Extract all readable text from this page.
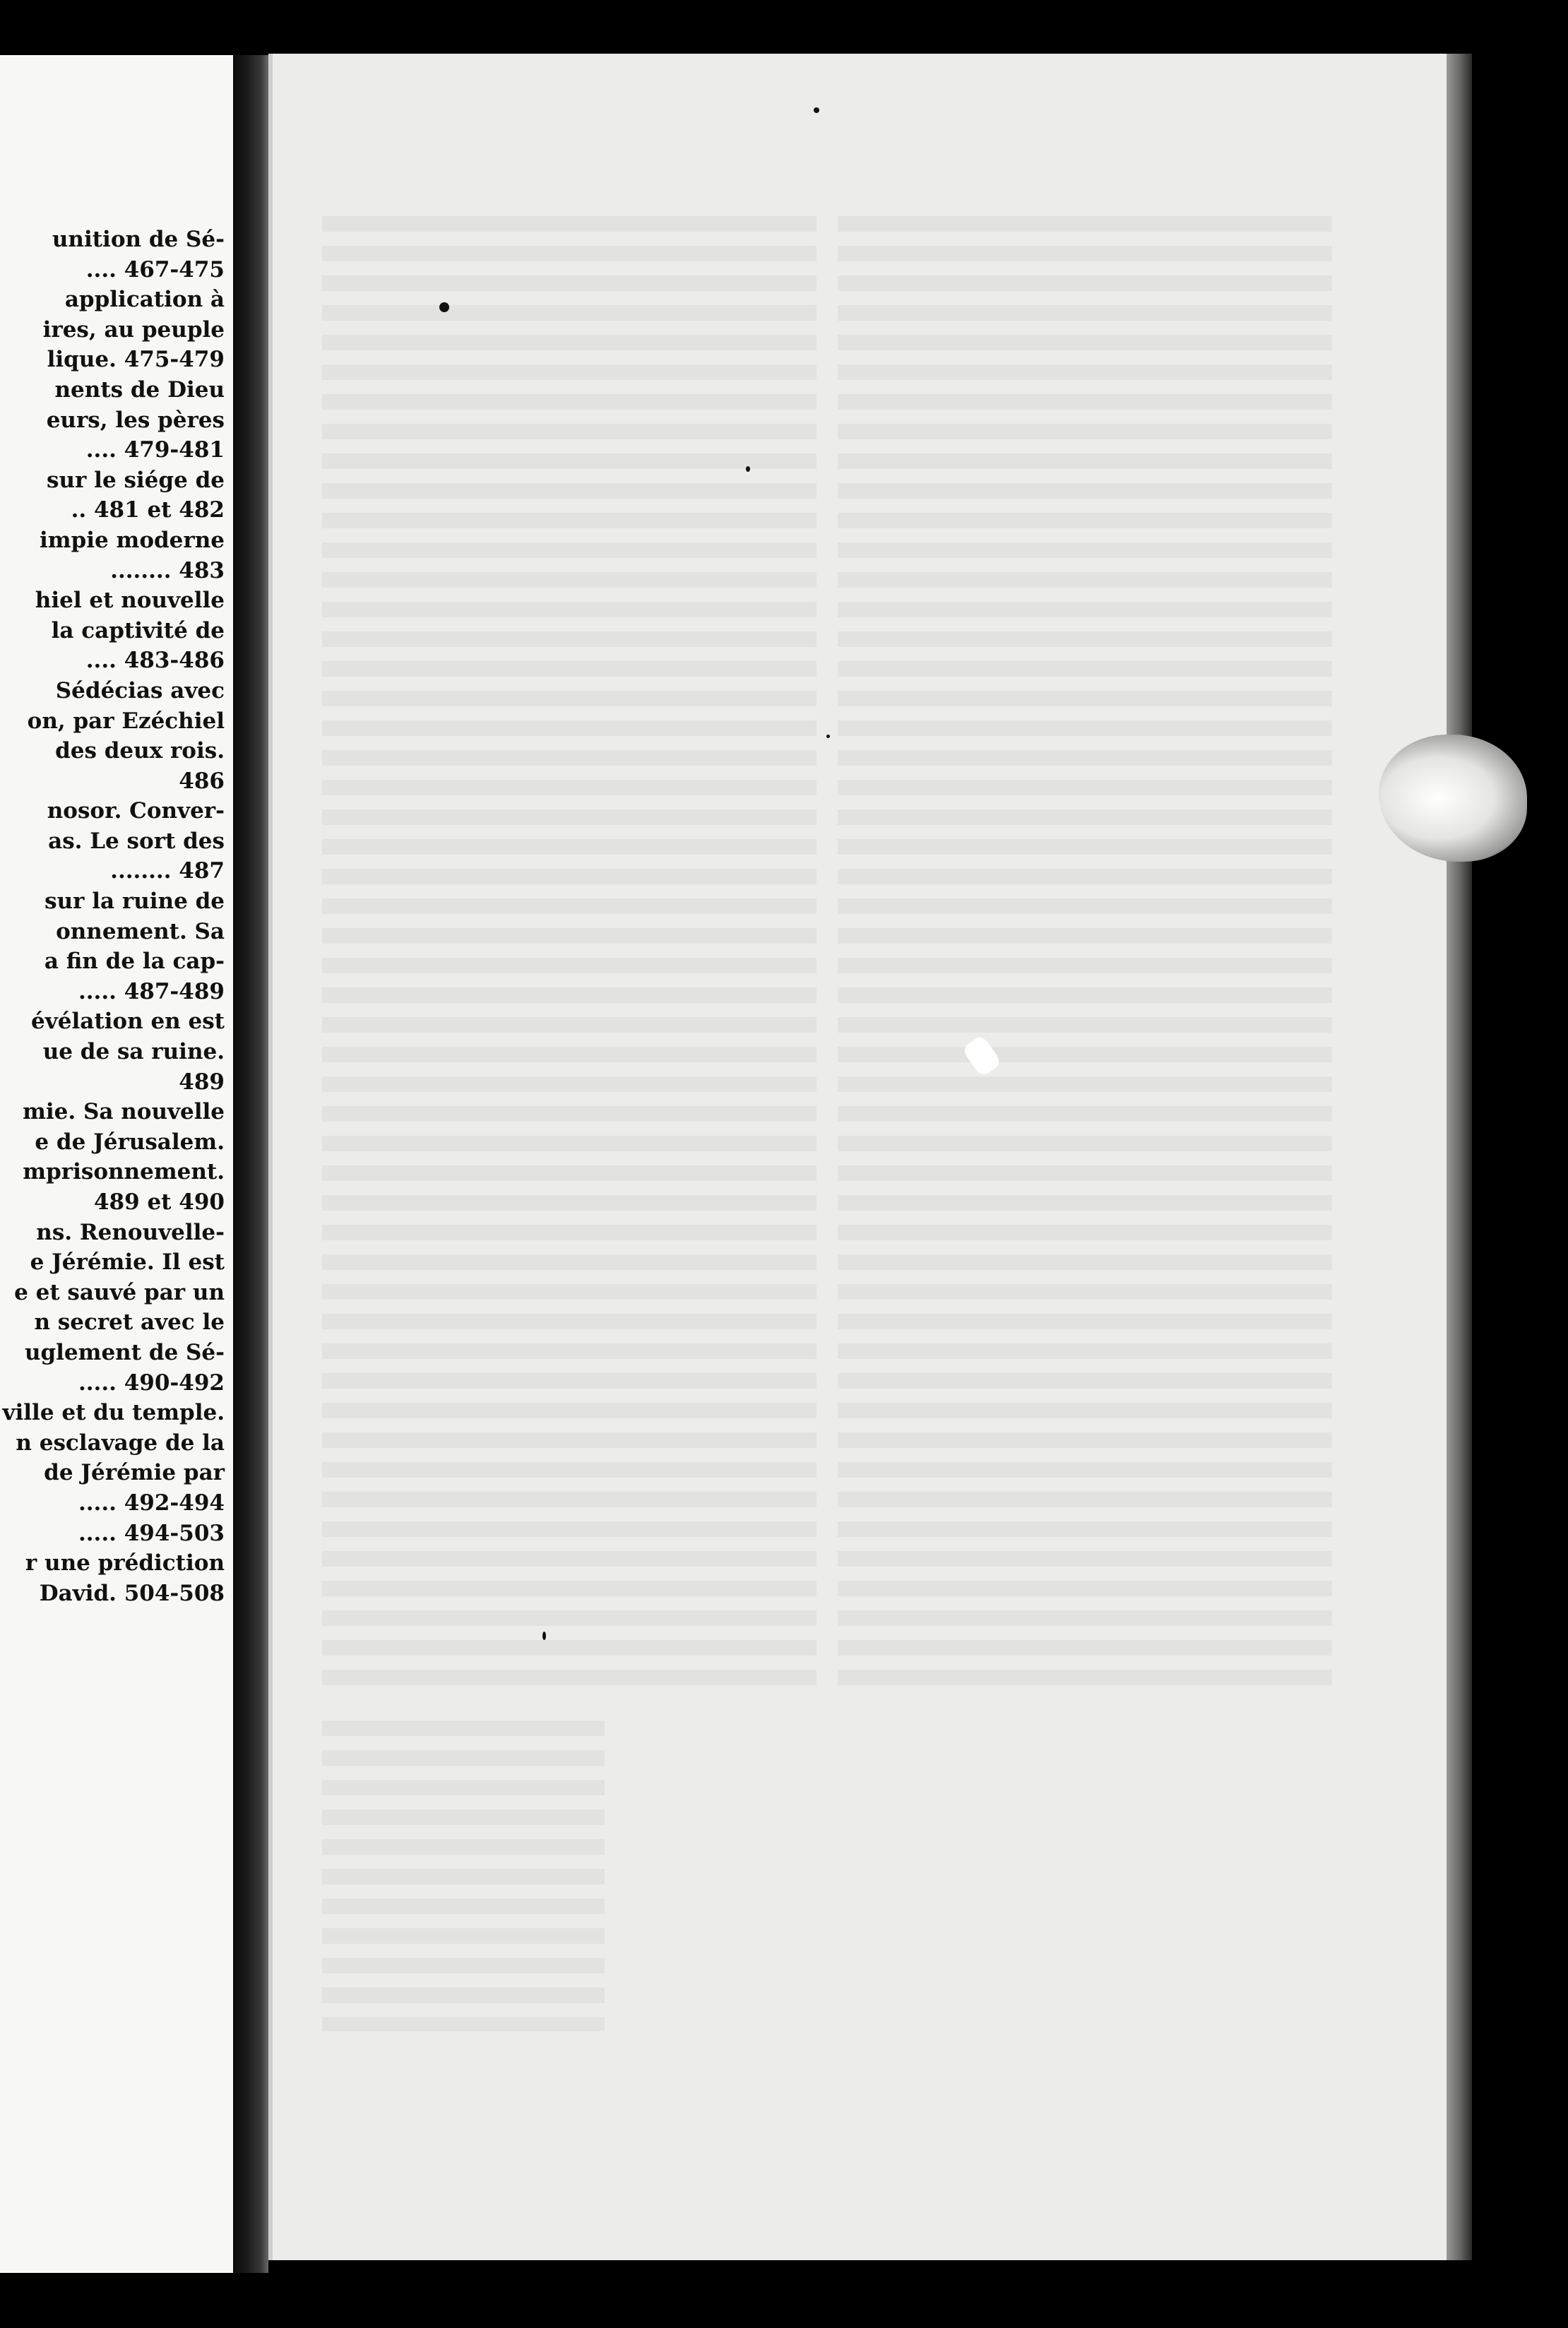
unition de Sé-
.... 467-475
application à
ires, au peuple
lique. 475-479
nents de Dieu
eurs, les pères
.... 479-481
sur le siége de
.. 481 et 482
impie moderne
........ 483
hiel et nouvelle
la captivité de
.... 483-486
Sédécias avec
on, par Ezéchiel
des deux rois.
486
nosor. Conver-
as. Le sort des
........ 487
sur la ruine de
onnement. Sa
a fin de la cap-
..... 487-489
évélation en est
ue de sa ruine.
489
mie. Sa nouvelle
e de Jérusalem.
mprisonnement.
489 et 490
ns. Renouvelle-
e Jérémie. Il est
e et sauvé par un
n secret avec le
uglement de Sé-
..... 490-492
ville et du temple.
n esclavage de la
de Jérémie par
..... 492-494
..... 494-503
r une prédiction
David. 504-508
